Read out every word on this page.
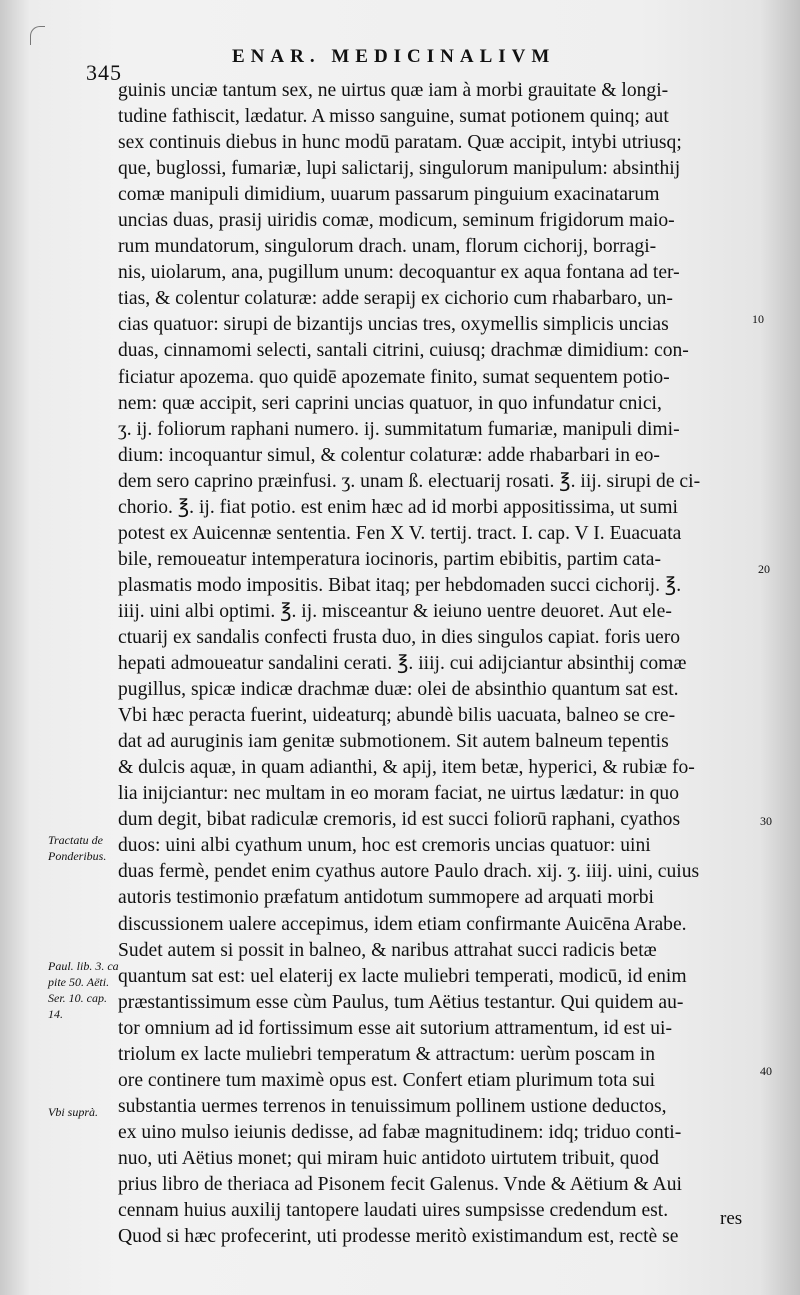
345
ENAR. MEDICINALIVM
guinis unciæ tantum sex, ne uirtus quæ iam à morbi grauitate & longi-
tudine fathiscit, lædatur. A misso sanguine, sumat potionem quinq; aut
sex continuis diebus in hunc modū paratam. Quæ accipit, intybi utriusq;
que, buglossi, fumariæ, lupi salictarij, singulorum manipulum: absinthij
comæ manipuli dimidium, uuarum passarum pinguium exacinatarum
uncias duas, prasij uiridis comæ, modicum, seminum frigidorum maio-
rum mundatorum, singulorum drach. unam, florum cichorij, borragi-
nis, uiolarum, ana, pugillum unum: decoquantur ex aqua fontana ad ter-
tias, & colentur colaturæ: adde serapij ex cichorio cum rhabarbaro, un-
cias quatuor: sirupi de bizantijs uncias tres, oxymellis simplicis uncias
duas, cinnamomi selecti, santali citrini, cuiusq; drachmæ dimidium: con-
ficiatur apozema. quo quidē apozemate finito, sumat sequentem potio-
nem: quæ accipit, seri caprini uncias quatuor, in quo infundatur cnici,
ʒ. ij. foliorum raphani numero. ij. summitatum fumariæ, manipuli dimi-
dium: incoquantur simul, & colentur colaturæ: adde rhabarbari in eo-
dem sero caprino præinfusi. ʒ. unam ß. electuarij rosati. ℥. iij. sirupi de ci-
chorio. ℥. ij. fiat potio. est enim hæc ad id morbi appositissima, ut sumi
potest ex Auicennæ sententia. Fen X V. tertij. tract. I. cap. V I. Euacuata
bile, remoueatur intemperatura iocinoris, partim ebibitis, partim cata-
plasmatis modo impositis. Bibat itaq; per hebdomaden succi cichorij. ℥.
iiij. uini albi optimi. ℥. ij. misceantur & ieiuno uentre deuoret. Aut ele-
ctuarij ex sandalis confecti frusta duo, in dies singulos capiat. foris uero
hepati admoueatur sandalini cerati. ℥. iiij. cui adijciantur absinthij comæ
pugillus, spicæ indicæ drachmæ duæ: olei de absinthio quantum sat est.
Vbi hæc peracta fuerint, uideaturq; abundè bilis uacuata, balneo se cre-
dat ad auruginis iam genitæ submotionem. Sit autem balneum tepentis
& dulcis aquæ, in quam adianthi, & apij, item betæ, hyperici, & rubiæ fo-
lia inijciantur: nec multam in eo moram faciat, ne uirtus lædatur: in quo
dum degit, bibat radiculæ cremoris, id est succi foliorū raphani, cyathos
duos: uini albi cyathum unum, hoc est cremoris uncias quatuor: uini
duas fermè, pendet enim cyathus autore Paulo drach. xij. ʒ. iiij. uini, cuius
autoris testimonio præfatum antidotum summopere ad arquati morbi
discussionem ualere accepimus, idem etiam confirmante Auicēna Arabe.
Sudet autem si possit in balneo, & naribus attrahat succi radicis betæ
quantum sat est: uel elaterij ex lacte muliebri temperati, modicū, id enim
præstantissimum esse cùm Paulus, tum Aëtius testantur. Qui quidem au-
tor omnium ad id fortissimum esse ait sutorium attramentum, id est ui-
triolum ex lacte muliebri temperatum & attractum: uerùm poscam in
ore continere tum maximè opus est. Confert etiam plurimum tota sui
substantia uermes terrenos in tenuissimum pollinem ustione deductos,
ex uino mulso ieiunis dedisse, ad fabæ magnitudinem: idq; triduo conti-
nuo, uti Aëtius monet; qui miram huic antidoto uirtutem tribuit, quod
prius libro de theriaca ad Pisonem fecit Galenus. Vnde & Aëtium & Aui
cennam huius auxilij tantopere laudati uires sumpsisse credendum est.
Quod si hæc profecerint, uti prodesse meritò existimandum est, rectè se
res
10
20
30
40
Tractatu de Ponderibus.
Paul. lib. 3. ca pite 50. Aëti. Ser. 10. cap. 14.
Vbi suprà.
